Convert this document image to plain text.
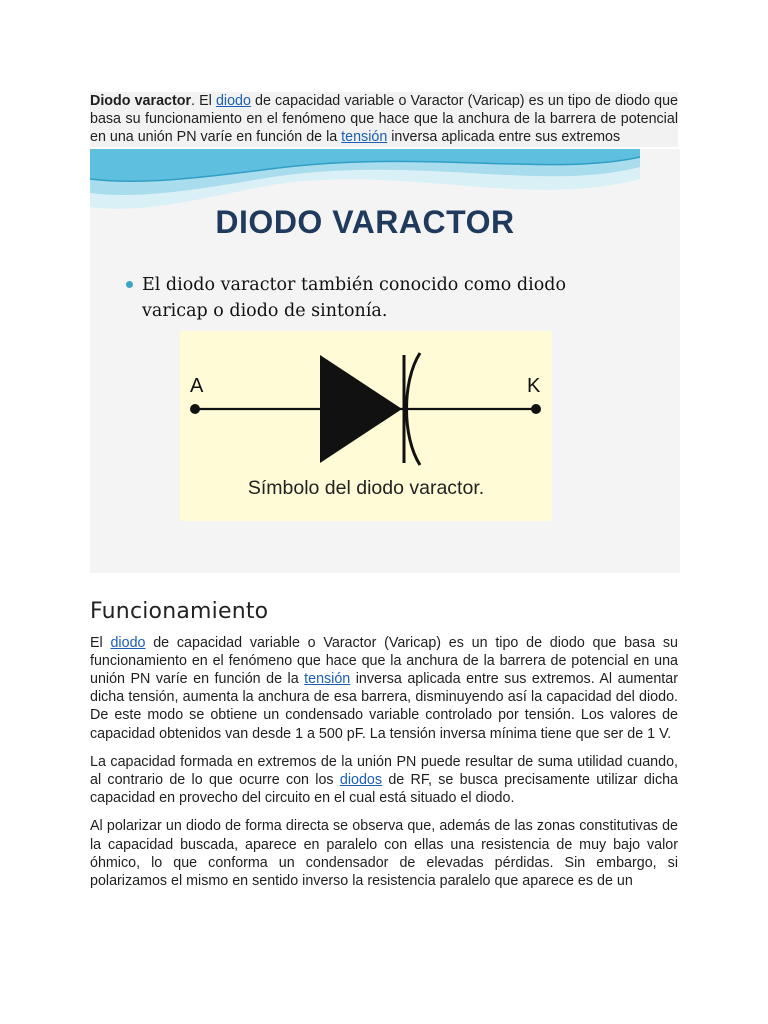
Diodo varactor. El diodo de capacidad variable o Varactor (Varicap) es un tipo de diodo que basa su funcionamiento en el fenómeno que hace que la anchura de la barrera de potencial en una unión PN varíe en función de la tensión inversa aplicada entre sus extremos

DIODO VARACTOR
El diodo varactor también conocido como diodo varicap o diodo de sintonía.
A	K
Símbolo del diodo varactor.
Funcionamiento

El diodo de capacidad variable o Varactor (Varicap) es un tipo de diodo que basa su funcionamiento en el fenómeno que hace que la anchura de la barrera de potencial en una unión PN varíe en función de la tensión inversa aplicada entre sus extremos. Al aumentar dicha tensión, aumenta la anchura de esa barrera, disminuyendo así la capacidad del diodo. De este modo se obtiene un condensado variable controlado por tensión. Los valores de capacidad obtenidos van desde 1 a 500 pF. La tensión inversa mínima tiene que ser de 1 V.

La capacidad formada en extremos de la unión PN puede resultar de suma utilidad cuando, al contrario de lo que ocurre con los diodos de RF, se busca precisamente utilizar dicha capacidad en provecho del circuito en el cual está situado el diodo.

Al polarizar un diodo de forma directa se observa que, además de las zonas constitutivas de la capacidad buscada, aparece en paralelo con ellas una resistencia de muy bajo valor óhmico, lo que conforma un condensador de elevadas pérdidas. Sin embargo, si polarizamos el mismo en sentido inverso la resistencia paralelo que aparece es de un
